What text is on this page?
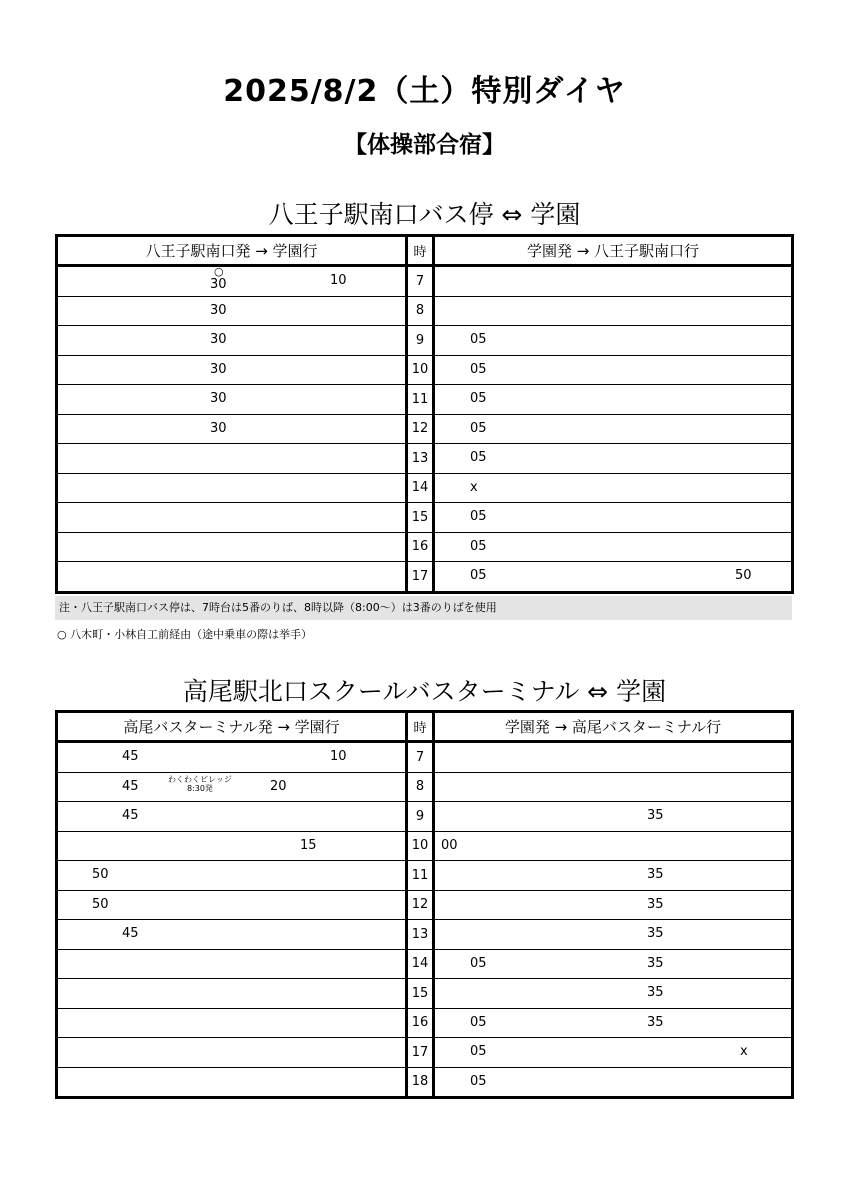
2025/8/2（土）特別ダイヤ
【体操部合宿】
八王子駅南口バス停 ⇔ 学園
八王子駅南口発 → 学園行	時	学園発 → 八王子駅南口行

○
30 10	7	

30	8	

30	9	05

30	10	05

30	11	05

30	12	05

	13	05

	14	x

	15	05

	16	05

	17	05 50
注・八王子駅南口バス停は、7時台は5番のりば、8時以降（8:00～）は3番のりばを使用
○ 八木町・小林自工前経由（途中乗車の際は挙手）
高尾駅北口スクールバスターミナル ⇔ 学園
高尾バスターミナル発 → 学園行	時	学園発 → 高尾バスターミナル行

45 10	7	

45 20
わくわくビレッジ
8:30発	8	

45	9	35

15	10	00

50	11	35

50	12	35

45	13	35

	14	05 35

	15	35

	16	05 35

	17	05 x

	18	05
